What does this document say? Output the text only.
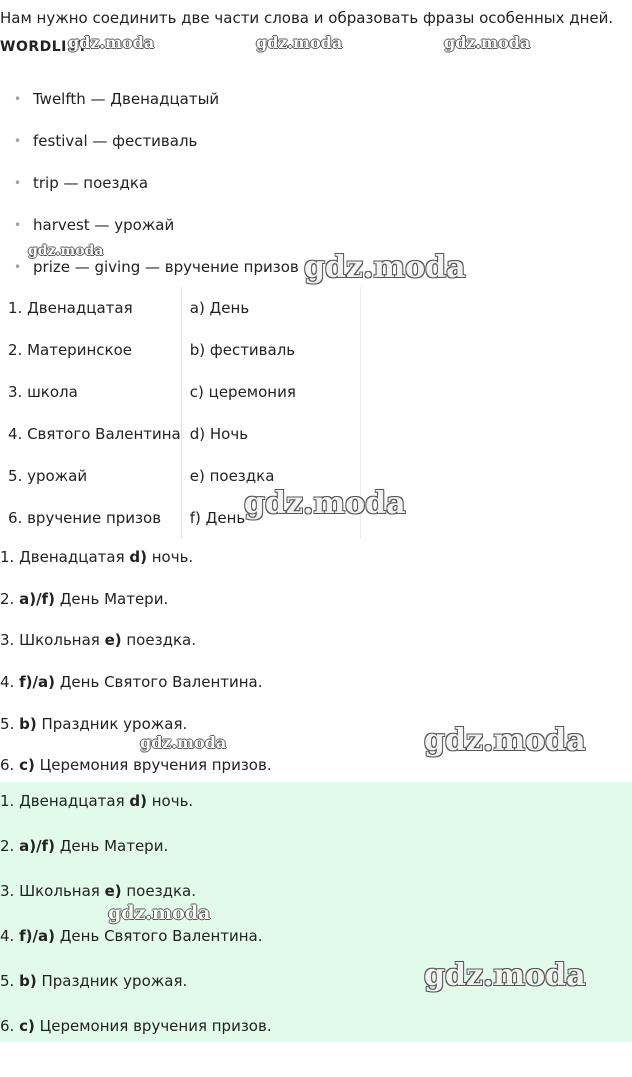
Нам нужно соединить две части слова и образовать фразы особенных дней.
WORDLIST
• Twelfth — Двенадцатый
• festival — фестиваль
• trip — поездка
• harvest — урожай
• prize — giving — вручение призов
1. Двенадцатая	a) День
2. Материнское	b) фестиваль
3. школа	c) церемония
4. Святого Валентина	d) Ночь
5. урожай	e) поездка
6. вручение призов	f) День

1. Двенадцатая d) ночь.

2. a)/f) День Матери.

3. Школьная e) поездка.

4. f)/a) День Святого Валентина.

5. b) Праздник урожая.

6. c) Церемония вручения призов.

1. Двенадцатая d) ночь.

2. a)/f) День Матери.

3. Школьная e) поездка.

4. f)/a) День Святого Валентина.

5. b) Праздник урожая.

6. c) Церемония вручения призов.

gdz.moda	gdz.moda	gdz.moda
gdz.moda	gdz.moda
gdz.moda
gdz.moda	gdz.moda
gdz.moda
gdz.moda
